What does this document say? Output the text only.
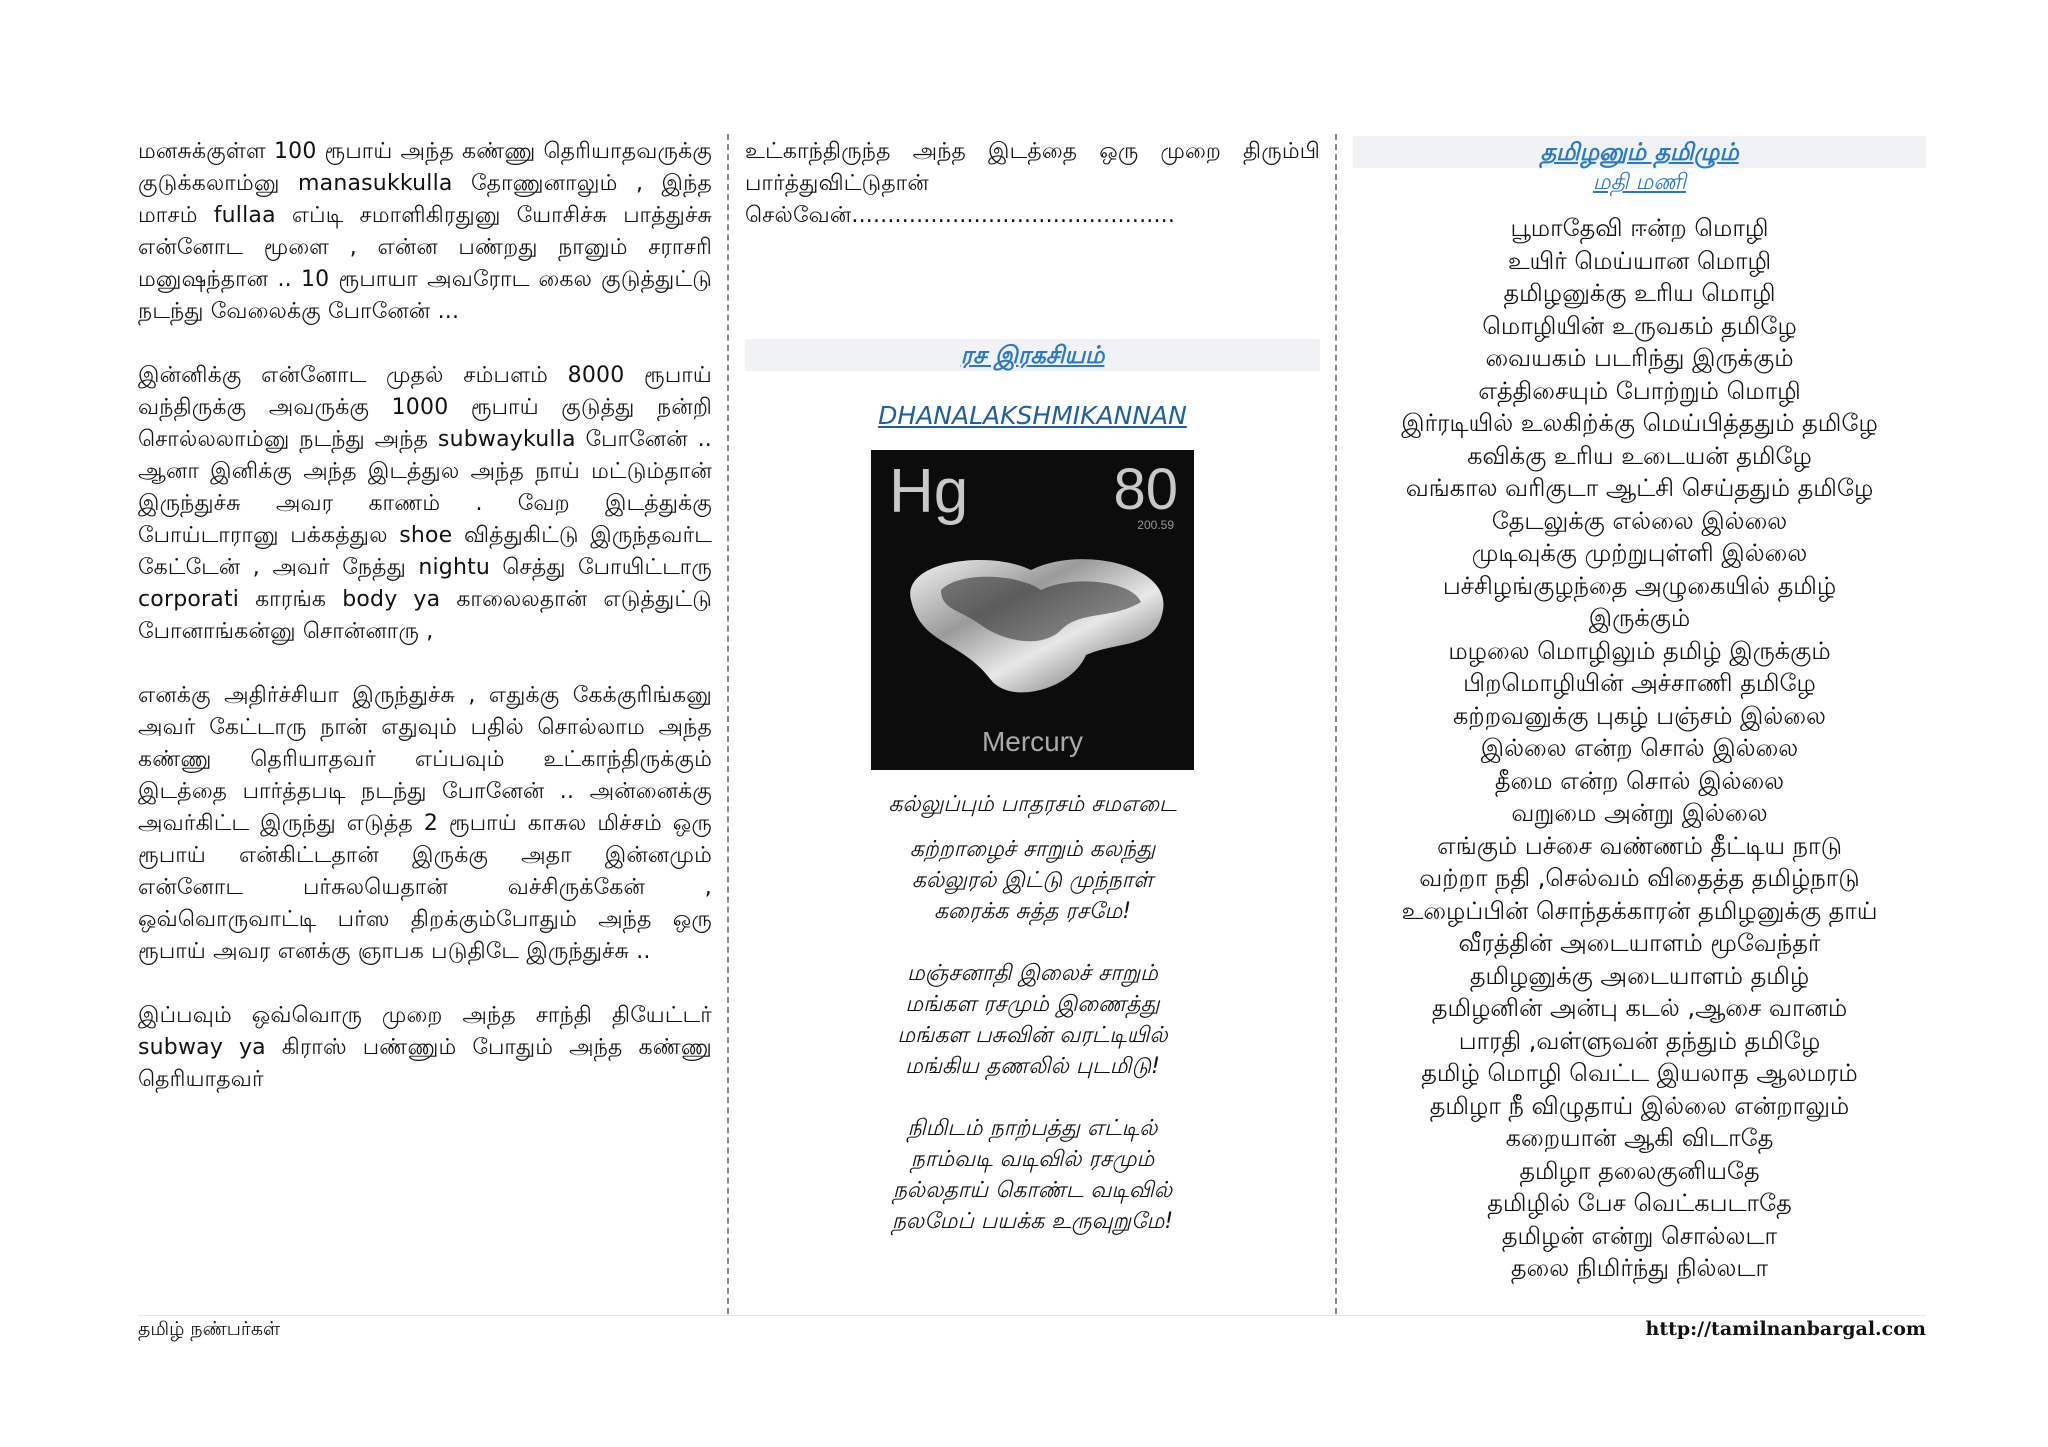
மனசுக்குள்ள 100 ரூபாய் அந்த கண்ணு தெரியாதவருக்கு குடுக்கலாம்னு manasukkulla தோணுனாலும் , இந்த மாசம் fullaa எப்டி சமாளிகிரதுனு யோசிச்சு பாத்துச்சு என்னோட மூளை , என்ன பண்றது நானும் சராசரி மனுஷந்தான .. 10 ரூபாயா அவரோட கைல குடுத்துட்டு நடந்து வேலைக்கு போனேன் ...

இன்னிக்கு என்னோட முதல் சம்பளம் 8000 ரூபாய் வந்திருக்கு அவருக்கு 1000 ரூபாய் குடுத்து நன்றி சொல்லலாம்னு நடந்து அந்த subwaykulla போனேன் .. ஆனா இனிக்கு அந்த இடத்துல அந்த நாய் மட்டும்தான் இருந்துச்சு அவர காணம் . வேற இடத்துக்கு போய்டாரானு பக்கத்துல shoe வித்துகிட்டு இருந்தவர்ட கேட்டேன் , அவர் நேத்து nightu செத்து போயிட்டாரு corporati காரங்க body ya காலைலதான் எடுத்துட்டு போனாங்கன்னு சொன்னாரு ,

எனக்கு அதிர்ச்சியா இருந்துச்சு , எதுக்கு கேக்குரிங்கனு அவர் கேட்டாரு நான் எதுவும் பதில் சொல்லாம அந்த கண்ணு தெரியாதவர் எப்பவும் உட்காந்திருக்கும் இடத்தை பார்த்தபடி நடந்து போனேன் .. அன்னைக்கு அவர்கிட்ட இருந்து எடுத்த 2 ரூபாய் காசுல மிச்சம் ஒரு ரூபாய் என்கிட்டதான் இருக்கு அதா இன்னமும் என்னோட பர்சுலயெதான் வச்சிருக்கேன் , ஒவ்வொருவாட்டி பர்ஸ திறக்கும்போதும் அந்த ஒரு ரூபாய் அவர எனக்கு ஞாபக படுதிடே இருந்துச்சு ..

இப்பவும் ஒவ்வொரு முறை அந்த சாந்தி தியேட்டர் subway ya கிராஸ் பண்ணும் போதும் அந்த கண்ணு தெரியாதவர்

உட்காந்திருந்த அந்த இடத்தை ஒரு முறை திரும்பி பார்த்துவிட்டுதான் செல்வேன்.............................................

ரச இரகசியம்
DHANALAKSHMIKANNAN
Hg	80
200.59
Mercury
கல்லுப்பும் பாதரசம் சமஎடை

கற்றாழைச் சாறும் கலந்து

கல்லுரல் இட்டு முந்நாள்

கரைக்க சுத்த ரசமே!

மஞ்சனாதி இலைச் சாறும்

மங்கள ரசமும் இணைத்து

மங்கள பசுவின் வரட்டியில்

மங்கிய தணலில் புடமிடு!

நிமிடம் நாற்பத்து எட்டில்

நாம்வடி வடிவில் ரசமும்

நல்லதாய் கொண்ட வடிவில்

நலமேப் பயக்க உருவுறுமே!

தமிழனும் தமிழும்
மதி மணி

பூமாதேவி ஈன்ற மொழி

உயிர் மெய்யான மொழி

தமிழனுக்கு உரிய மொழி

மொழியின் உருவகம் தமிழே

வையகம் படரிந்து இருக்கும்

எத்திசையும் போற்றும் மொழி

இர்ரடியில் உலகிற்க்கு மெய்பித்ததும் தமிழே

கவிக்கு உரிய உடையன் தமிழே

வங்கால வரிகுடா ஆட்சி செய்ததும் தமிழே

தேடலுக்கு எல்லை இல்லை

முடிவுக்கு முற்றுபுள்ளி இல்லை

பச்சிழங்குழந்தை அழுகையில் தமிழ்

இருக்கும்

மழலை மொழிலும் தமிழ் இருக்கும்

பிறமொழியின் அச்சாணி தமிழே

கற்றவனுக்கு புகழ் பஞ்சம் இல்லை

இல்லை என்ற சொல் இல்லை

தீமை என்ற சொல் இல்லை

வறுமை அன்று இல்லை

எங்கும் பச்சை வண்ணம் தீட்டிய நாடு

வற்றா நதி ,செல்வம் விதைத்த தமிழ்நாடு

உழைப்பின் சொந்தக்காரன் தமிழனுக்கு தாய்

வீரத்தின் அடையாளம் மூவேந்தர்

தமிழனுக்கு அடையாளம் தமிழ்

தமிழனின் அன்பு கடல் ,ஆசை வானம்

பாரதி ,வள்ளுவன் தந்தும் தமிழே

தமிழ் மொழி வெட்ட இயலாத ஆலமரம்

தமிழா நீ விழுதாய் இல்லை என்றாலும்

கறையான் ஆகி விடாதே

தமிழா தலைகுனியதே

தமிழில் பேச வெட்கபடாதே

தமிழன் என்று சொல்லடா

தலை நிமிர்ந்து நில்லடா

தமிழ் நண்பர்கள்	http://tamilnanbargal.com
